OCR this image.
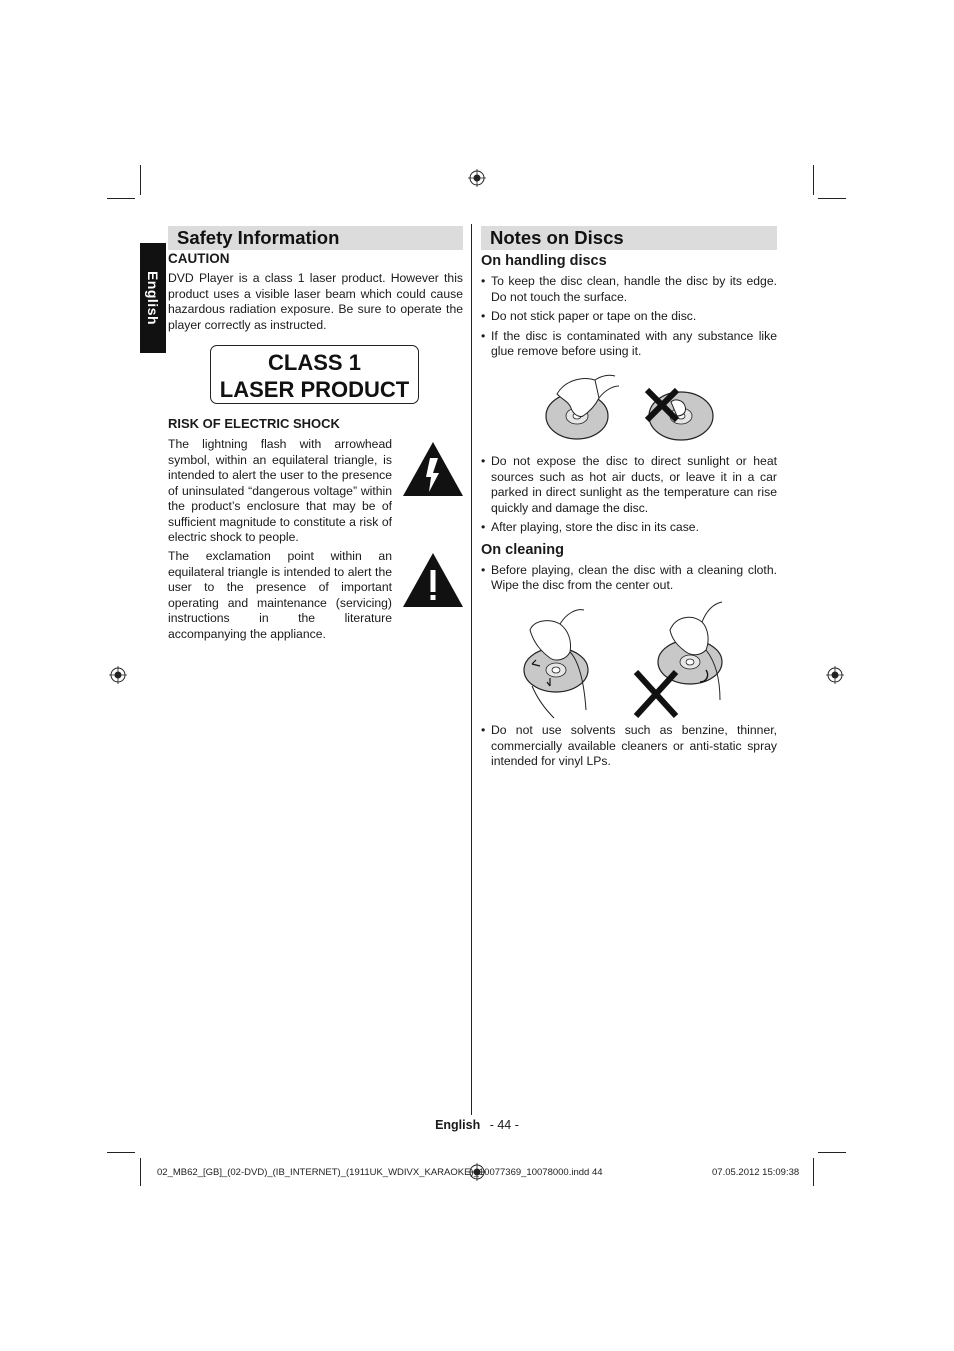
English
Safety Information	Notes on Discs

CAUTION

DVD Player is a class 1 laser product. However this product uses a visible laser beam which could cause hazardous radiation exposure. Be sure to operate the player correctly as instructed.

CLASS 1
LASER PRODUCT

RISK OF ELECTRIC SHOCK

The lightning flash with arrowhead symbol, within an equilateral triangle, is intended to alert the user to the presence of uninsulated “dangerous voltage” within the product’s enclosure that may be of sufficient magnitude to constitute a risk of electric shock to people.

The exclamation point within an equilateral triangle is intended to alert the user to the presence of important operating and maintenance (servicing) instructions in the literature accompanying the appliance.

On handling discs

• To keep the disc clean, handle the disc by its edge. Do not touch the surface.
• Do not stick paper or tape on the disc.
• If the disc is contaminated with any substance like glue remove before using it.
• Do not expose the disc to direct sunlight or heat sources such as hot air ducts, or leave it in a car parked in direct sunlight as the temperature can rise quickly and damage the disc.
• After playing, store the disc in its case.

On cleaning

• Before playing, clean the disc with a cleaning cloth. Wipe the disc from the center out.
• Do not use solvents such as benzine, thinner, commercially available cleaners or anti-static spray intended for vinyl LPs.
English - 44 -
02_MB62_[GB]_(02-DVD)_(IB_INTERNET)_(1911UK_WDIVX_KARAOKE)_10077369_10078000.indd 44	07.05.2012 15:09:38
